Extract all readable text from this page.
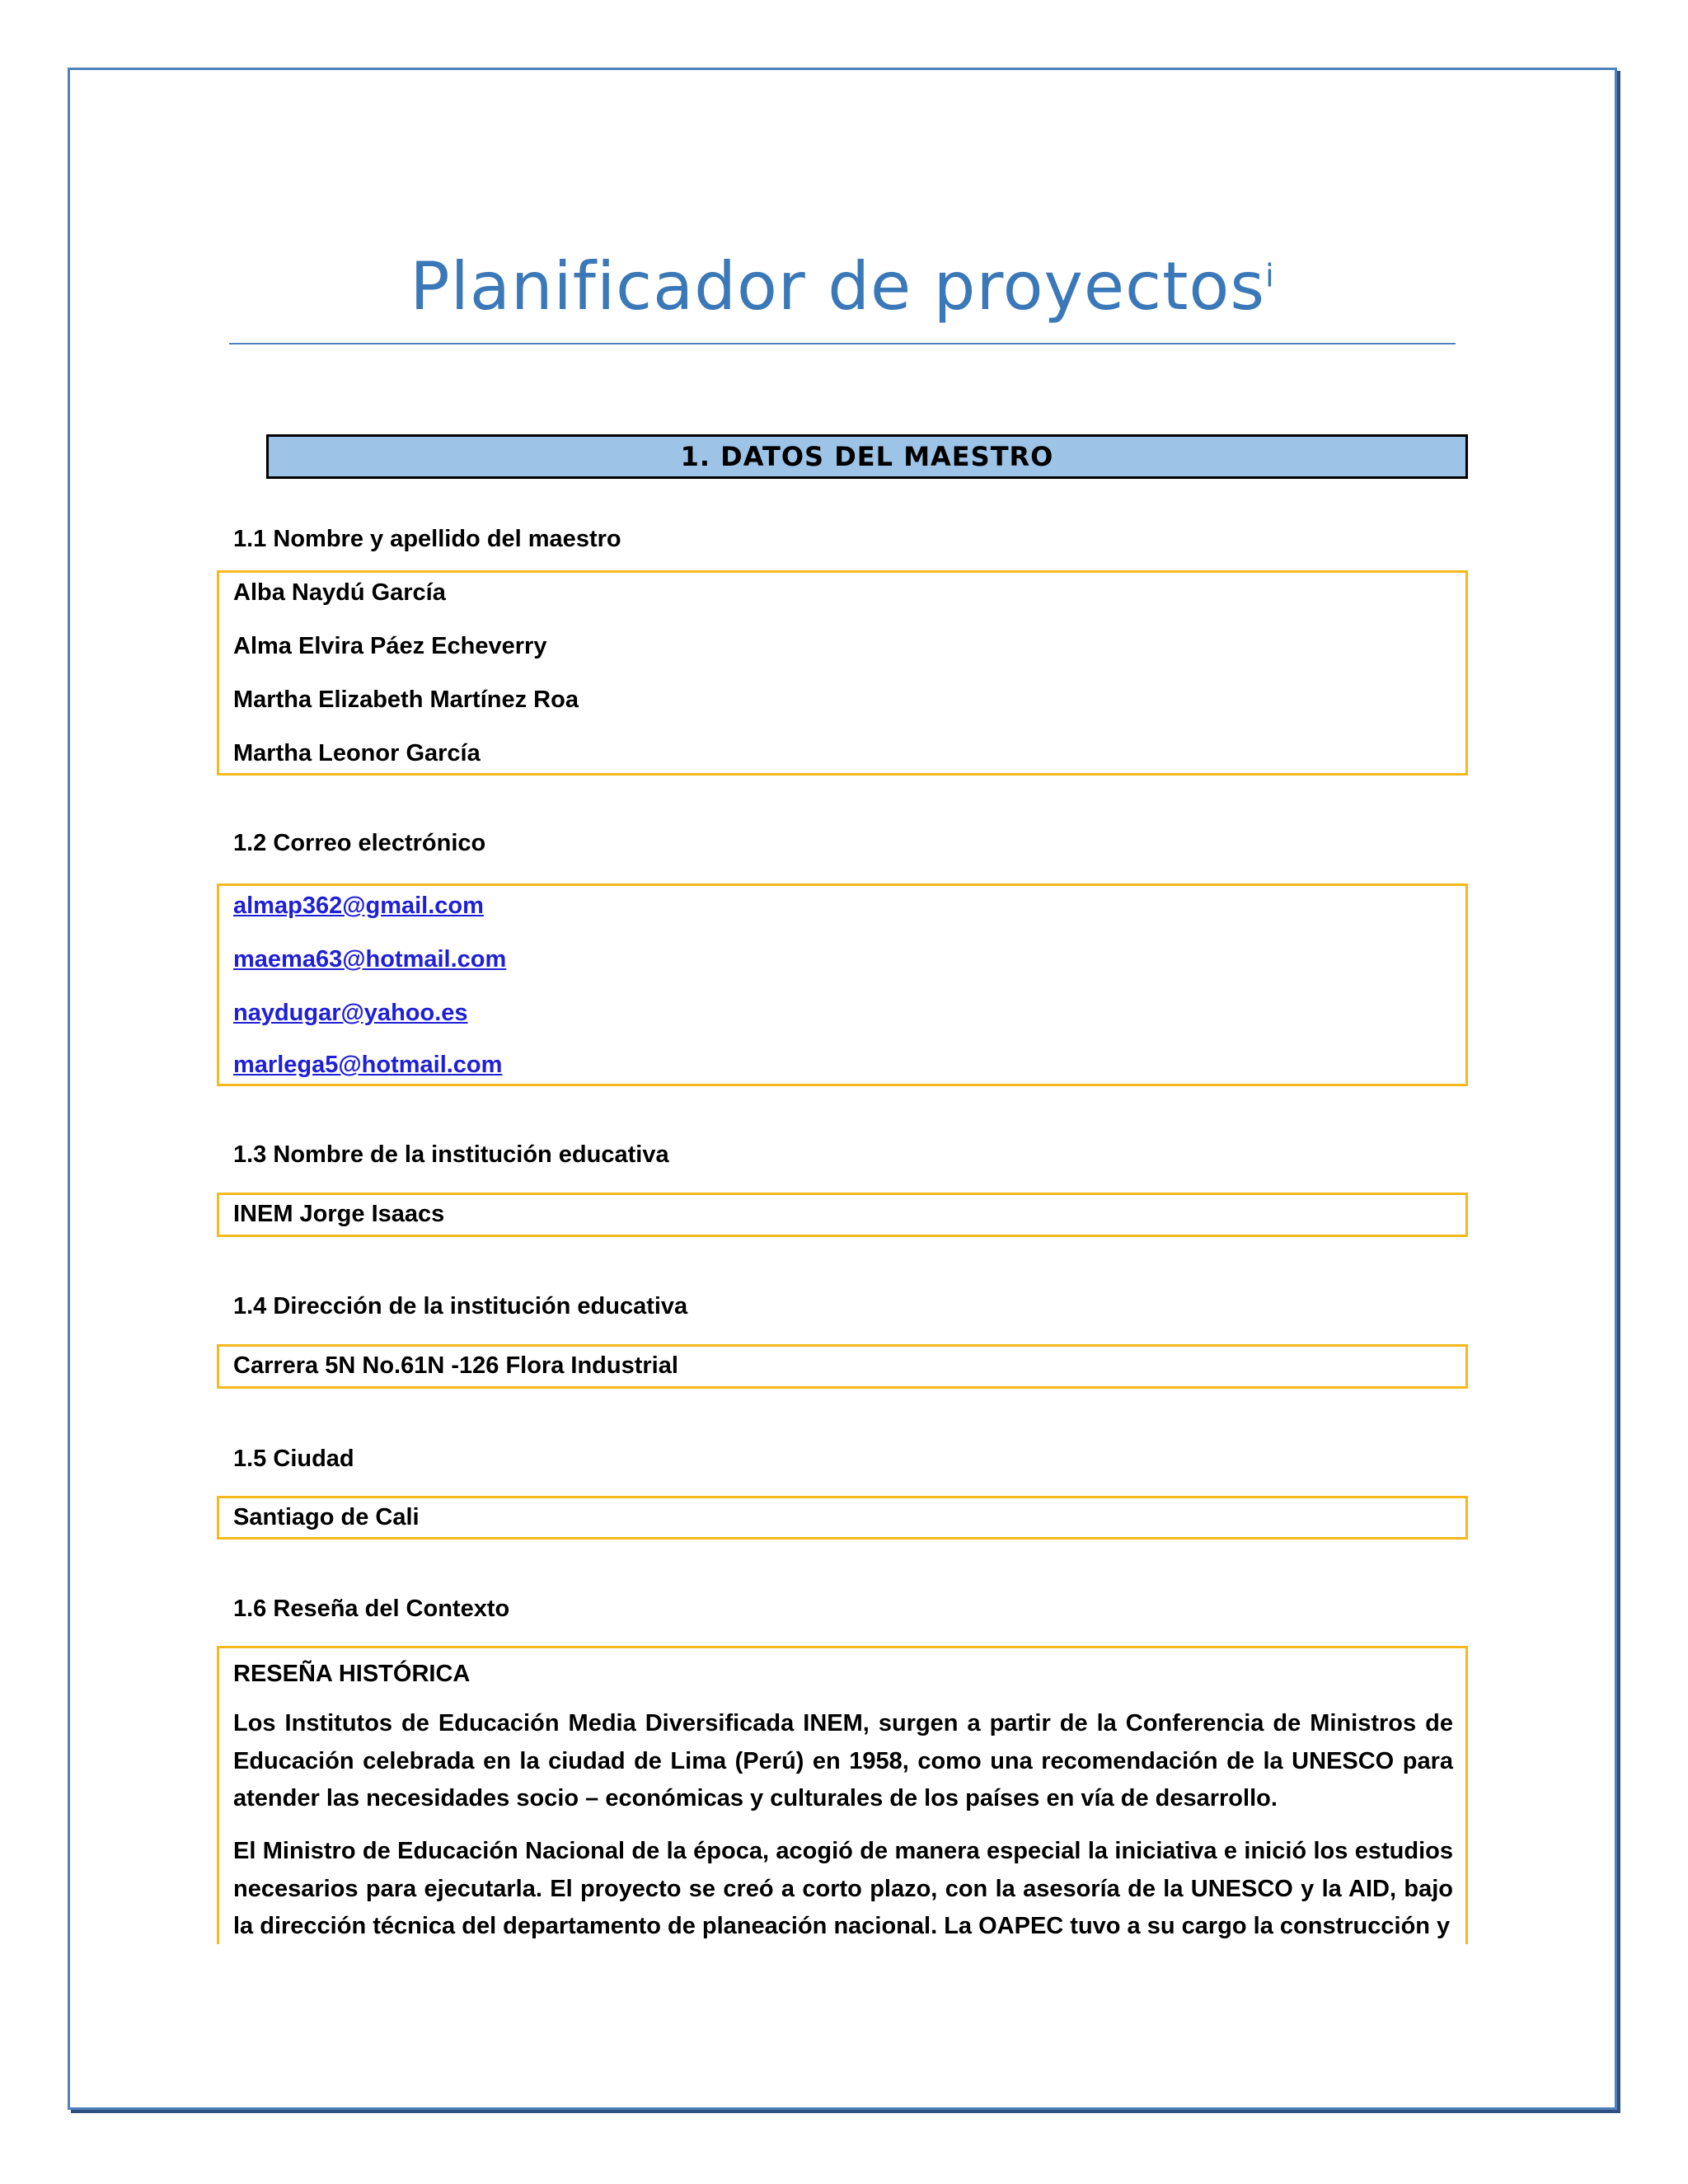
Planificador de proyectos$^i$
1. DATOS DEL MAESTRO
1.1 Nombre y apellido del maestro
Alba Naydú García
Alma Elvira Páez Echeverry
Martha Elizabeth Martínez Roa
Martha Leonor García
1.2 Correo electrónico
almap362@gmail.com
maema63@hotmail.com
naydugar@yahoo.es
marlega5@hotmail.com
1.3 Nombre de la institución educativa
INEM Jorge Isaacs
1.4 Dirección de la institución educativa
Carrera 5N No.61N -126 Flora Industrial
1.5 Ciudad
Santiago de Cali
1.6 Reseña del Contexto
RESEÑA HISTÓRICA
Los Institutos de Educación Media Diversificada INEM, surgen a partir de la Conferencia de Ministros de Educación celebrada en la ciudad de Lima (Perú) en 1958, como una recomendación de la UNESCO para atender las necesidades socio – económicas y culturales de los países en vía de desarrollo.
El Ministro de Educación Nacional de la época, acogió de manera especial la iniciativa e inició los estudios necesarios para ejecutarla. El proyecto se creó a corto plazo, con la asesoría de la UNESCO y la AID, bajo la dirección técnica del departamento de planeación nacional. La OAPEC tuvo a su cargo la construcción y
